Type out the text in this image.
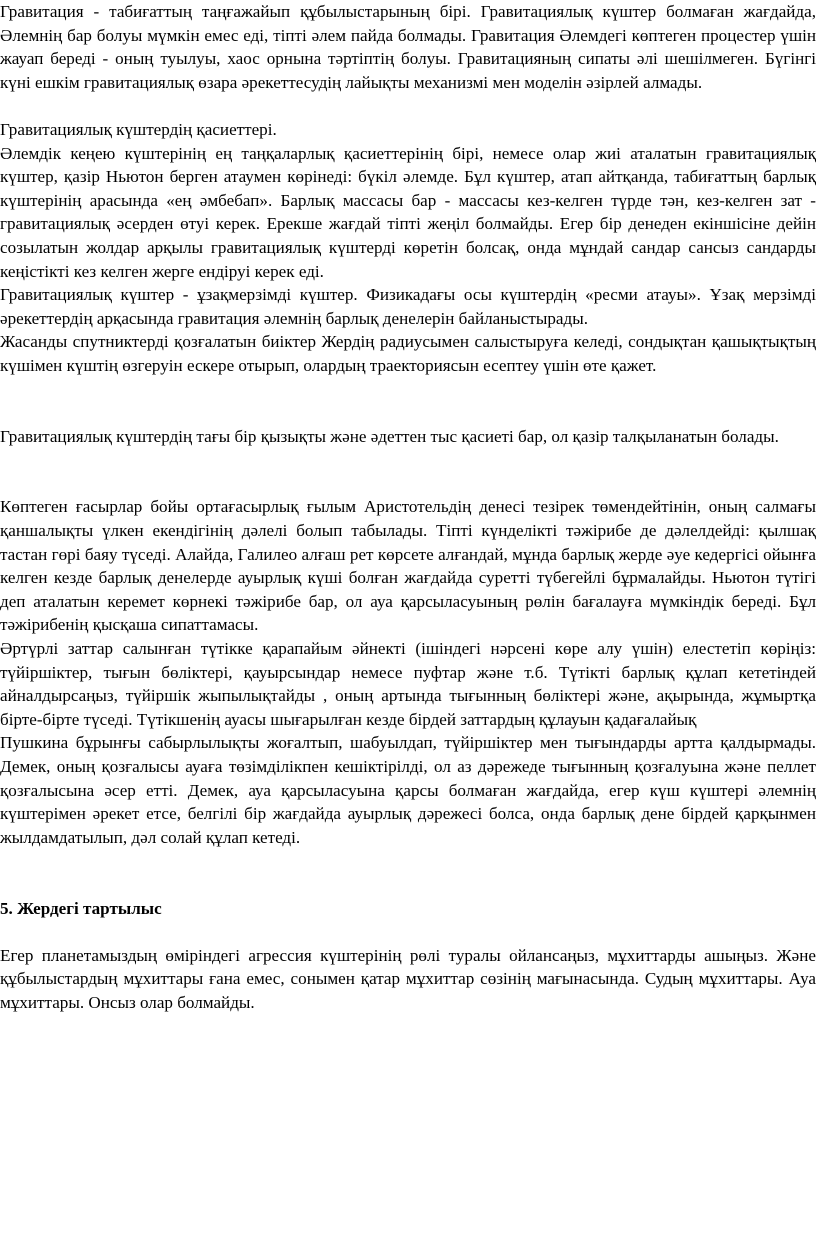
Гравитация - табиғаттың таңғажайып құбылыстарының бірі. Гравитациялық күштер болмаған жағдайда, Әлемнің бар болуы мүмкін емес еді, тіпті әлем пайда болмады. Гравитация Әлемдегі көптеген процестер үшін жауап береді - оның туылуы, хаос орнына тәртіптің болуы. Гравитацияның сипаты әлі шешілмеген. Бүгінгі күні ешкім гравитациялық өзара әрекеттесудің лайықты механизмі мен моделін әзірлей алмады.

Гравитациялық күштердің қасиеттері.

Әлемдік кеңею күштерінің ең таңқаларлық қасиеттерінің бірі, немесе олар жиі аталатын гравитациялық күштер, қазір Ньютон берген атаумен көрінеді: бүкіл әлемде. Бұл күштер, атап айтқанда, табиғаттың барлық күштерінің арасында «ең әмбебап». Барлық массасы бар - массасы кез-келген түрде тән, кез-келген зат - гравитациялық әсерден өтуі керек. Ерекше жағдай тіпті жеңіл болмайды. Егер бір денеден екіншісіне дейін созылатын жолдар арқылы гравитациялық күштерді көретін болсақ, онда мұндай сандар сансыз сандарды кеңістікті кез келген жерге ендіруі керек еді.

Гравитациялық күштер - ұзақмерзімді күштер. Физикадағы осы күштердің «ресми атауы». Ұзақ мерзімді әрекеттердің арқасында гравитация әлемнің барлық денелерін байланыстырады.

Жасанды спутниктерді қозғалатын биіктер Жердің радиусымен салыстыруға келеді, сондықтан қашықтықтың күшімен күштің өзгеруін ескере отырып, олардың траекториясын есептеу үшін өте қажет.

Гравитациялық күштердің тағы бір қызықты және әдеттен тыс қасиеті бар, ол қазір талқыланатын болады.

Көптеген ғасырлар бойы ортағасырлық ғылым Аристотельдің денесі тезірек төмендейтінін, оның салмағы қаншалықты үлкен екендігінің дәлелі болып табылады. Тіпті күнделікті тәжірибе де дәлелдейді: қылшақ тастан гөрі баяу түседі. Алайда, Галилео алғаш рет көрсете алғандай, мұнда барлық жерде әуе кедергісі ойынға келген кезде барлық денелерде ауырлық күші болған жағдайда суретті түбегейлі бұрмалайды. Ньютон түтігі деп аталатын керемет көрнекі тәжірибе бар, ол ауа қарсыласуының рөлін бағалауға мүмкіндік береді. Бұл тәжірибенің қысқаша сипаттамасы.

Әртүрлі заттар салынған түтікке қарапайым әйнекті (ішіндегі нәрсені көре алу үшін) елестетіп көріңіз: түйіршіктер, тығын бөліктері, қауырсындар немесе пуфтар және т.б. Түтікті барлық құлап кететіндей айналдырсаңыз, түйіршік жыпылықтайды , оның артында тығынның бөліктері және, ақырында, жұмыртқа бірте-бірте түседі. Түтікшенің ауасы шығарылған кезде бірдей заттардың құлауын қадағалайық

Пушкина бұрынғы сабырлылықты жоғалтып, шабуылдап, түйіршіктер мен тығындарды артта қалдырмады. Демек, оның қозғалысы ауаға төзімділікпен кешіктірілді, ол аз дәрежеде тығынның қозғалуына және пеллет қозғалысына әсер етті. Демек, ауа қарсыласуына қарсы болмаған жағдайда, егер күш күштері әлемнің күштерімен әрекет етсе, белгілі бір жағдайда ауырлық дәрежесі болса, онда барлық дене бірдей қарқынмен жылдамдатылып, дәл солай құлап кетеді.

5. Жердегі тартылыс

Егер планетамыздың өміріндегі агрессия күштерінің рөлі туралы ойлансаңыз, мұхиттарды ашыңыз. Және құбылыстардың мұхиттары ғана емес, сонымен қатар мұхиттар сөзінің мағынасында. Судың мұхиттары. Ауа мұхиттары. Онсыз олар болмайды.
